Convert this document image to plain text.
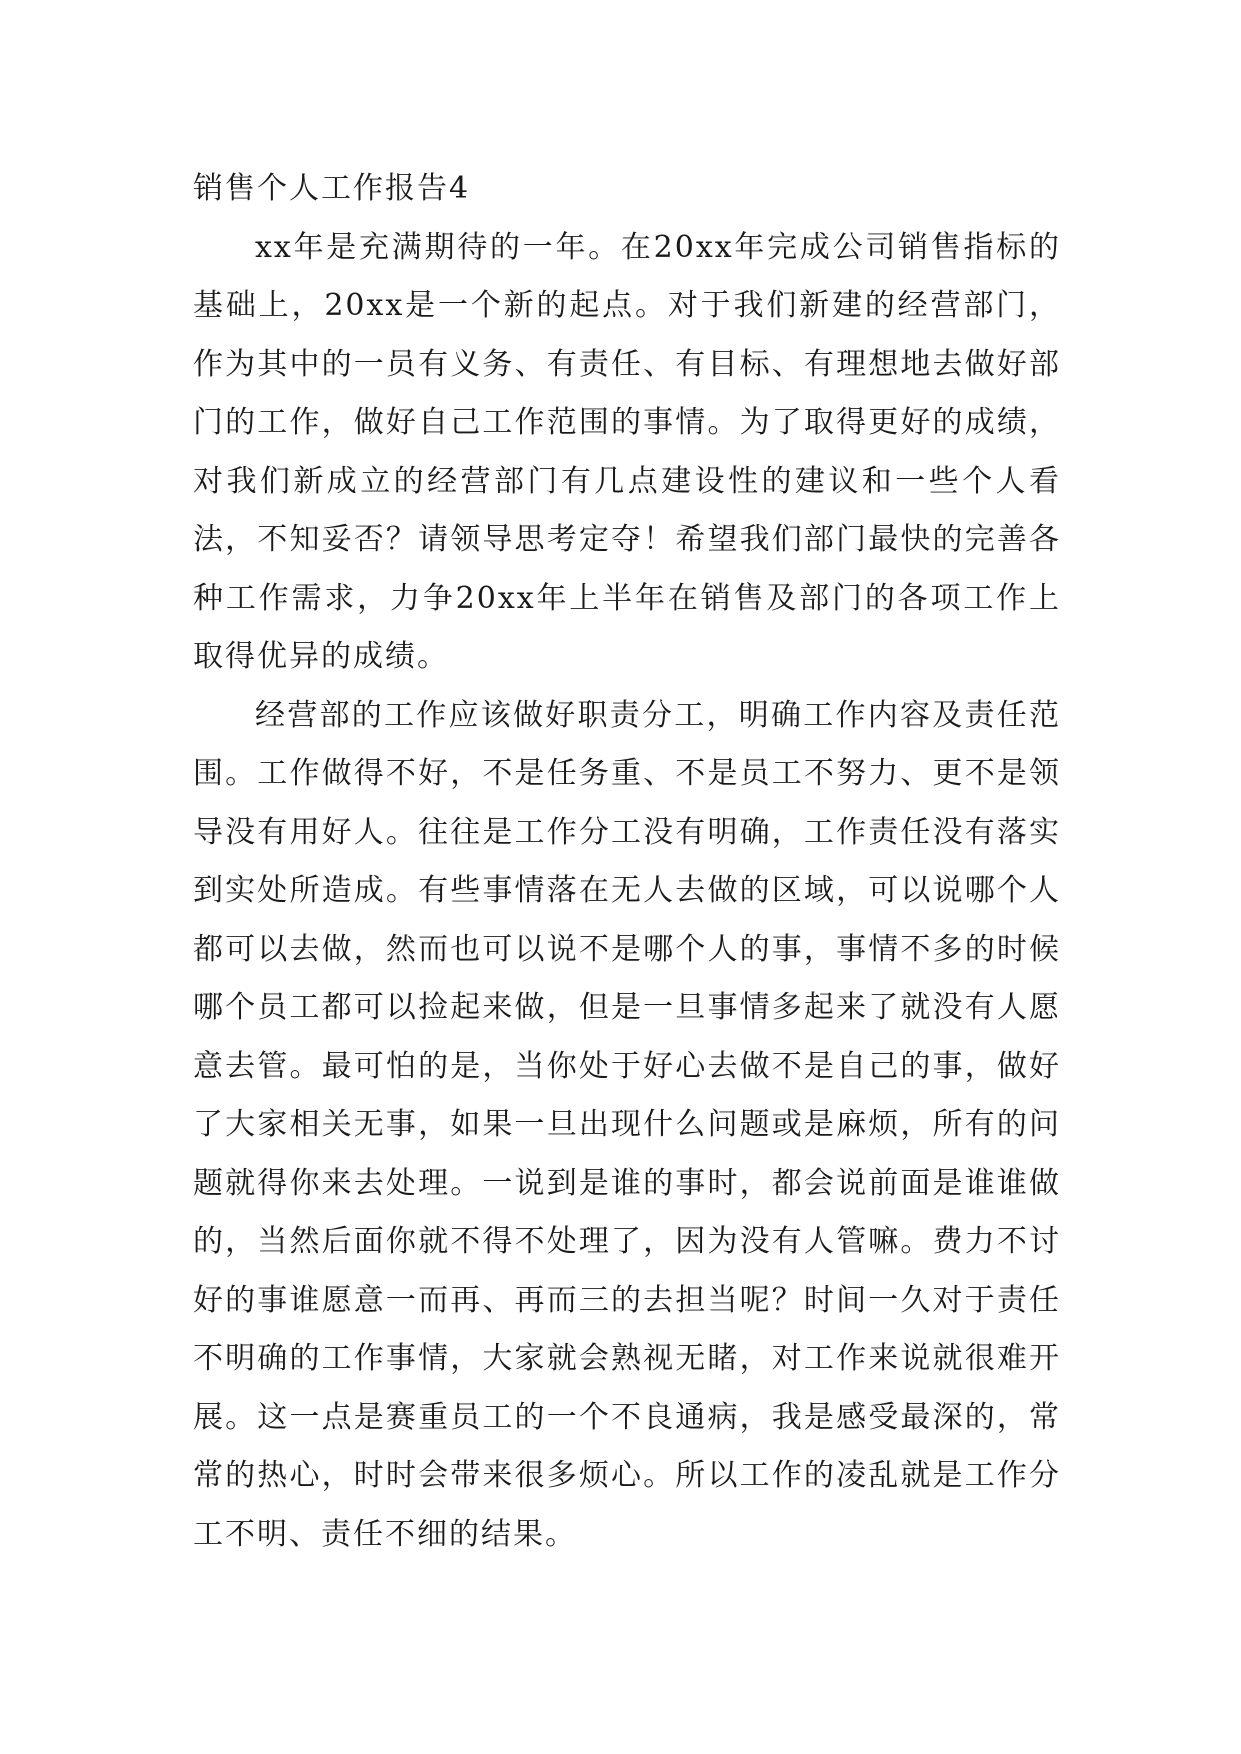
销售个人工作报告4

xx年是充满期待的一年。在20xx年完成公司销售指标的基础上，20xx是一个新的起点。对于我们新建的经营部门，作为其中的一员有义务、有责任、有目标、有理想地去做好部门的工作，做好自己工作范围的事情。为了取得更好的成绩，对我们新成立的经营部门有几点建设性的建议和一些个人看法，不知妥否？请领导思考定夺！希望我们部门最快的完善各种工作需求，力争20xx年上半年在销售及部门的各项工作上取得优异的成绩。

经营部的工作应该做好职责分工，明确工作内容及责任范围。工作做得不好，不是任务重、不是员工不努力、更不是领导没有用好人。往往是工作分工没有明确，工作责任没有落实到实处所造成。有些事情落在无人去做的区域，可以说哪个人都可以去做，然而也可以说不是哪个人的事，事情不多的时候哪个员工都可以捡起来做，但是一旦事情多起来了就没有人愿意去管。最可怕的是，当你处于好心去做不是自己的事，做好了大家相关无事，如果一旦出现什么问题或是麻烦，所有的问题就得你来去处理。一说到是谁的事时，都会说前面是谁谁做的，当然后面你就不得不处理了，因为没有人管嘛。费力不讨好的事谁愿意一而再、再而三的去担当呢？时间一久对于责任不明确的工作事情，大家就会熟视无睹，对工作来说就很难开展。这一点是赛重员工的一个不良通病，我是感受最深的，常常的热心，时时会带来很多烦心。所以工作的凌乱就是工作分工不明、责任不细的结果。
